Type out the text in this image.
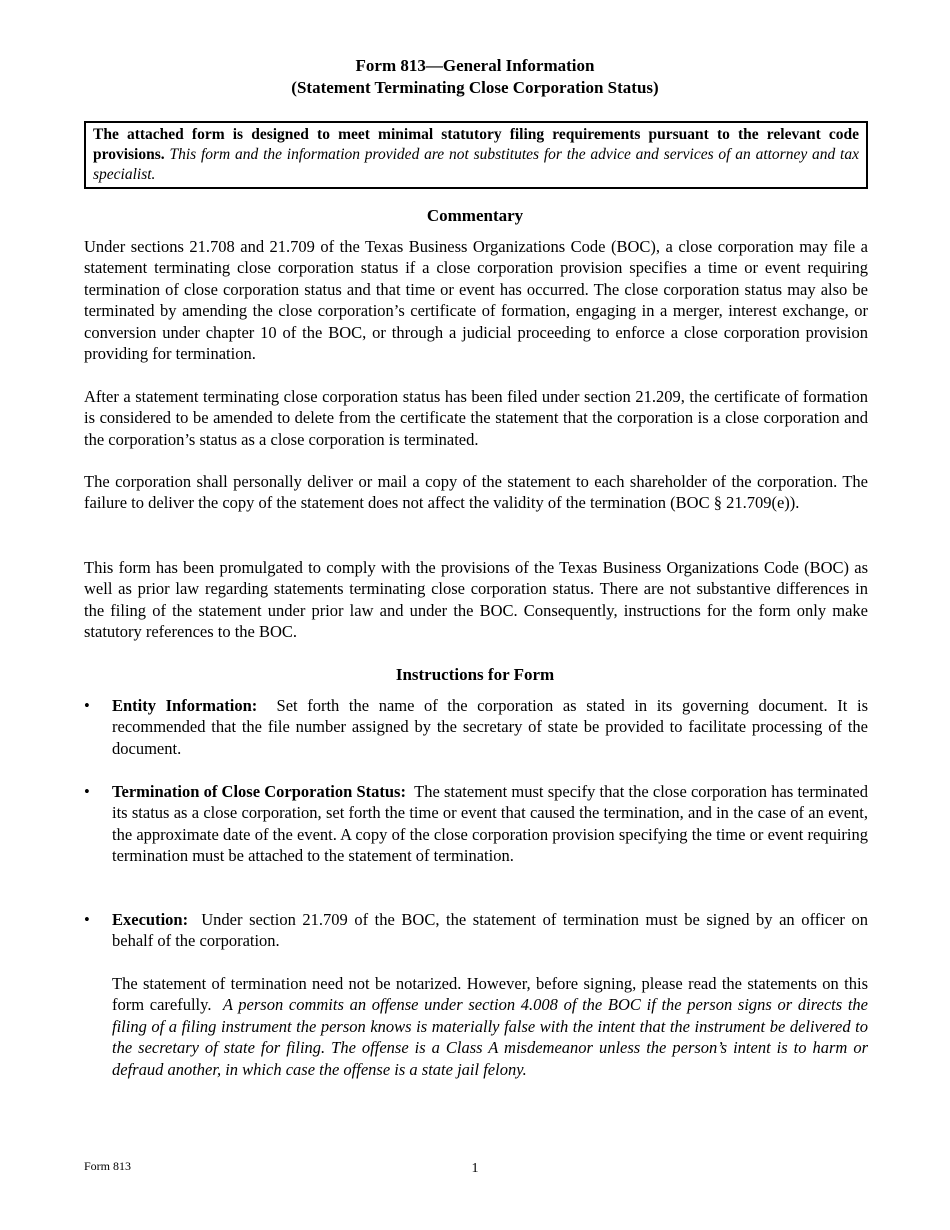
Form 813—General Information
(Statement Terminating Close Corporation Status)
The attached form is designed to meet minimal statutory filing requirements pursuant to the relevant code provisions. This form and the information provided are not substitutes for the advice and services of an attorney and tax specialist.
Commentary

Under sections 21.708 and 21.709 of the Texas Business Organizations Code (BOC), a close corporation may file a statement terminating close corporation status if a close corporation provision specifies a time or event requiring termination of close corporation status and that time or event has occurred. The close corporation status may also be terminated by amending the close corporation’s certificate of formation, engaging in a merger, interest exchange, or conversion under chapter 10 of the BOC, or through a judicial proceeding to enforce a close corporation provision providing for termination.

After a statement terminating close corporation status has been filed under section 21.209, the certificate of formation is considered to be amended to delete from the certificate the statement that the corporation is a close corporation and the corporation’s status as a close corporation is terminated.

The corporation shall personally deliver or mail a copy of the statement to each shareholder of the corporation. The failure to deliver the copy of the statement does not affect the validity of the termination (BOC § 21.709(e)).

This form has been promulgated to comply with the provisions of the Texas Business Organizations Code (BOC) as well as prior law regarding statements terminating close corporation status. There are not substantive differences in the filing of the statement under prior law and under the BOC. Consequently, instructions for the form only make statutory references to the BOC.

Instructions for Form
• Entity Information: Set forth the name of the corporation as stated in its governing document. It is recommended that the file number assigned by the secretary of state be provided to facilitate processing of the document.

• Termination of Close Corporation Status: The statement must specify that the close corporation has terminated its status as a close corporation, set forth the time or event that caused the termination, and in the case of an event, the approximate date of the event. A copy of the close corporation provision specifying the time or event requiring termination must be attached to the statement of termination.

• Execution: Under section 21.709 of the BOC, the statement of termination must be signed by an officer on behalf of the corporation.

The statement of termination need not be notarized. However, before signing, please read the statements on this form carefully. A person commits an offense under section 4.008 of the BOC if the person signs or directs the filing of a filing instrument the person knows is materially false with the intent that the instrument be delivered to the secretary of state for filing. The offense is a Class A misdemeanor unless the person’s intent is to harm or defraud another, in which case the offense is a state jail felony.

Form 813	1
